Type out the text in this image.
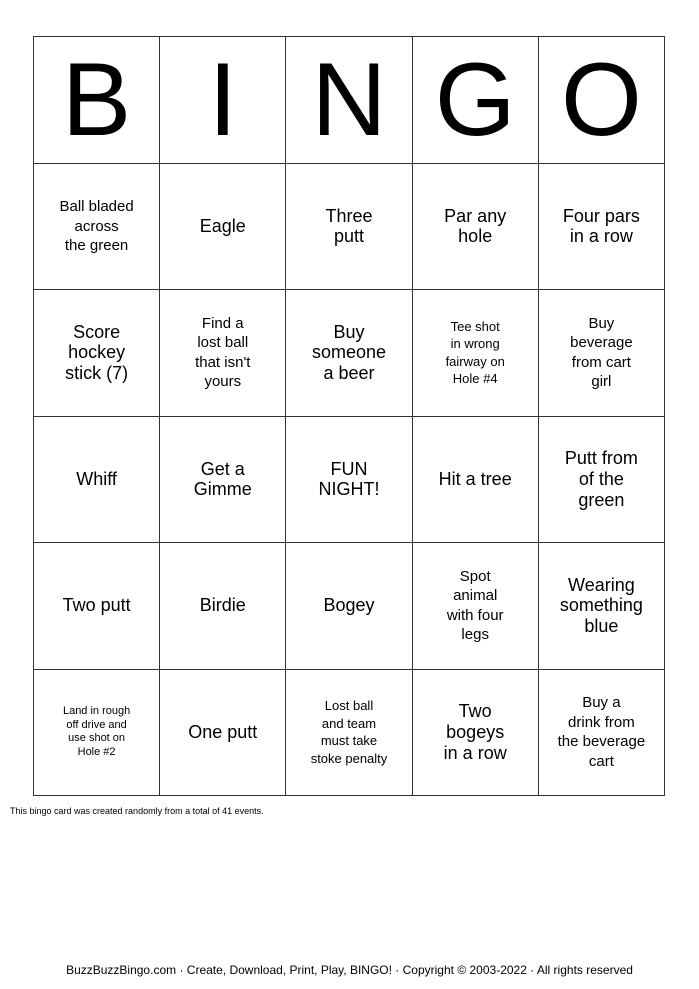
B I N G O
Ball bladed
across
the green
Eagle
Three
putt
Par any
hole
Four pars
in a row
Score
hockey
stick (7)
Find a
lost ball
that isn't
yours
Buy
someone
a beer
Tee shot
in wrong
fairway on
Hole #4
Buy
beverage
from cart
girl
Whiff
Get a
Gimme
FUN
NIGHT!
Hit a tree
Putt from
of the
green
Two putt	Birdie	Bogey
Spot
animal
with four
legs
Wearing
something
blue
Land in rough
off drive and
use shot on
Hole #2
One putt
Lost ball
and team
must take
stoke penalty
Two
bogeys
in a row
Buy a
drink from
the beverage
cart
This bingo card was created randomly from a total of 41 events.
BuzzBuzzBingo.com · Create, Download, Print, Play, BINGO! · Copyright © 2003-2022 · All rights reserved
